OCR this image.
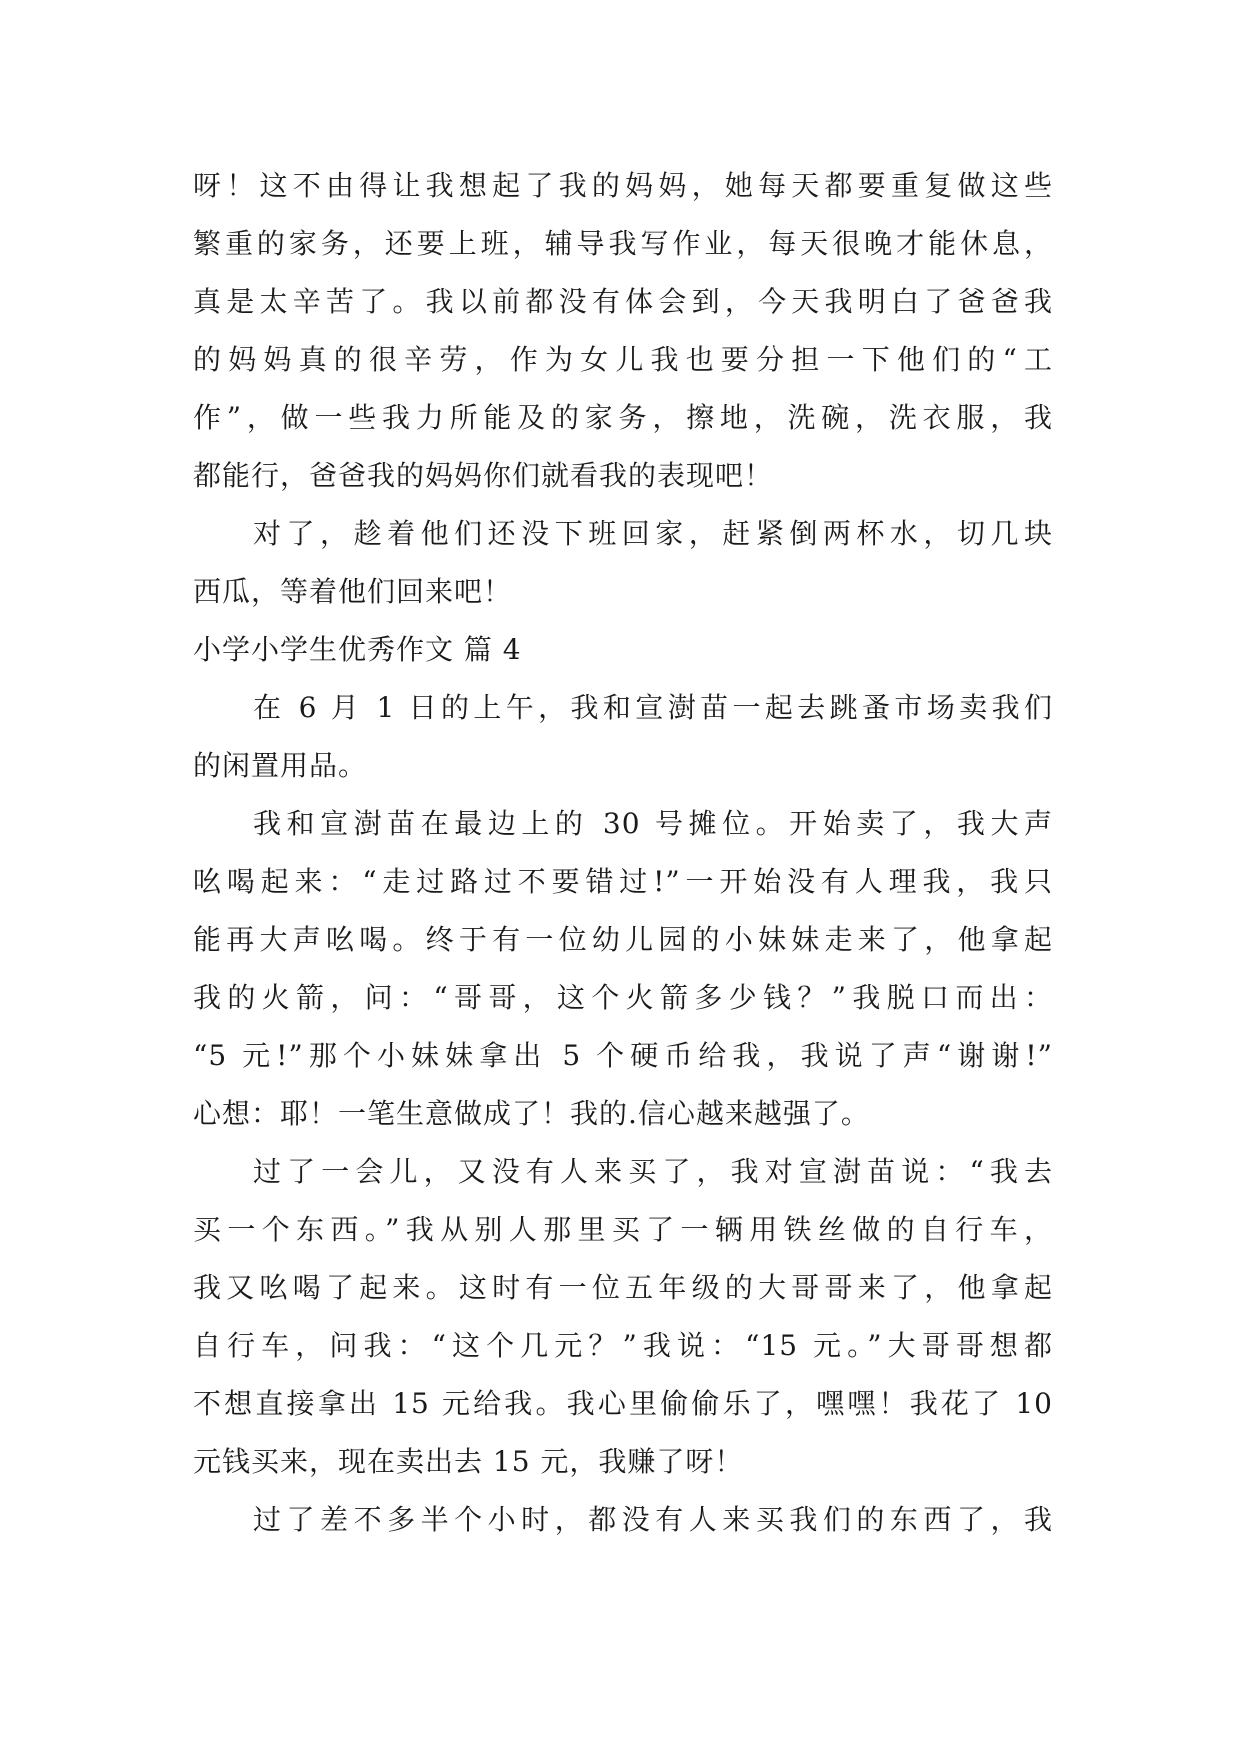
呀！这不由得让我想起了我的妈妈，她每天都要重复做这些
繁重的家务，还要上班，辅导我写作业，每天很晚才能休息，
真是太辛苦了。我以前都没有体会到，今天我明白了爸爸我
的妈妈真的很辛劳，作为女儿我也要分担一下他们的“工
作”，做一些我力所能及的家务，擦地，洗碗，洗衣服，我
都能行，爸爸我的妈妈你们就看我的表现吧！
对了，趁着他们还没下班回家，赶紧倒两杯水，切几块
西瓜，等着他们回来吧！
小学小学生优秀作文 篇 4
在 6 月 1 日的上午，我和宣澍苗一起去跳蚤市场卖我们
的闲置用品。
我和宣澍苗在最边上的 30 号摊位。开始卖了，我大声
吆喝起来：“走过路过不要错过!”一开始没有人理我，我只
能再大声吆喝。终于有一位幼儿园的小妹妹走来了，他拿起
我的火箭，问：“哥哥，这个火箭多少钱？”我脱口而出：
“5 元!”那个小妹妹拿出 5 个硬币给我，我说了声“谢谢!”
心想：耶！一笔生意做成了！我的.信心越来越强了。
过了一会儿，又没有人来买了，我对宣澍苗说：“我去
买一个东西。”我从别人那里买了一辆用铁丝做的自行车，
我又吆喝了起来。这时有一位五年级的大哥哥来了，他拿起
自行车，问我：“这个几元？”我说：“15 元。”大哥哥想都
不想直接拿出 15 元给我。我心里偷偷乐了，嘿嘿！我花了 10
元钱买来，现在卖出去 15 元，我赚了呀！
过了差不多半个小时，都没有人来买我们的东西了，我
